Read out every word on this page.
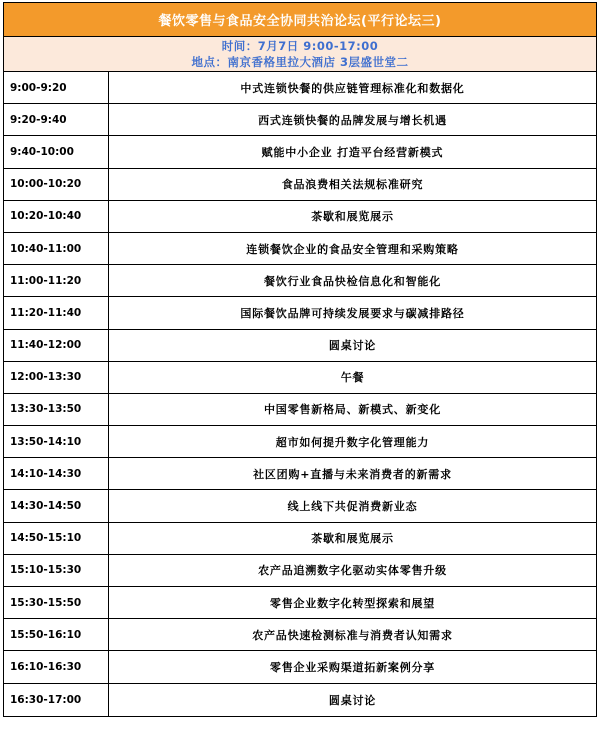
餐饮零售与食品安全协同共治论坛(平行论坛三)
时间：7月7日 9:00-17:00
地点：南京香格里拉大酒店 3层盛世堂二
9:00-9:20	中式连锁快餐的供应链管理标准化和数据化
9:20-9:40	西式连锁快餐的品牌发展与增长机遇
9:40-10:00	赋能中小企业 打造平台经营新模式
10:00-10:20	食品浪费相关法规标准研究
10:20-10:40	茶歇和展览展示
10:40-11:00	连锁餐饮企业的食品安全管理和采购策略
11:00-11:20	餐饮行业食品快检信息化和智能化
11:20-11:40	国际餐饮品牌可持续发展要求与碳减排路径
11:40-12:00	圆桌讨论
12:00-13:30	午餐
13:30-13:50	中国零售新格局、新模式、新变化
13:50-14:10	超市如何提升数字化管理能力
14:10-14:30	社区团购+直播与未来消费者的新需求
14:30-14:50	线上线下共促消费新业态
14:50-15:10	茶歇和展览展示
15:10-15:30	农产品追溯数字化驱动实体零售升级
15:30-15:50	零售企业数字化转型探索和展望
15:50-16:10	农产品快速检测标准与消费者认知需求
16:10-16:30	零售企业采购渠道拓新案例分享
16:30-17:00	圆桌讨论
